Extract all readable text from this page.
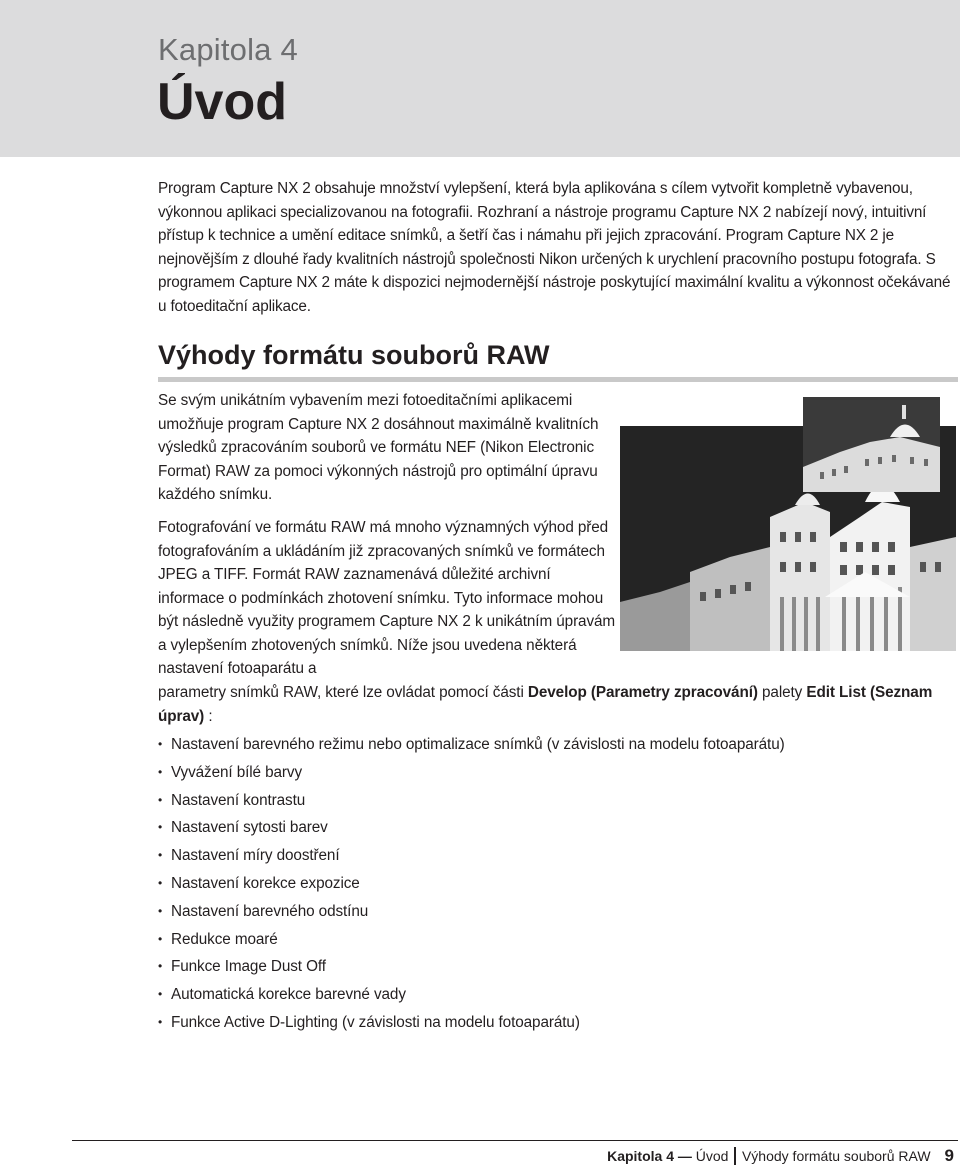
Kapitola 4
Úvod

Program Capture NX 2 obsahuje množství vylepšení, která byla aplikována s cílem vytvořit kompletně vybavenou, výkonnou aplikaci specializovanou na fotografii. Rozhraní a nástroje programu Capture NX 2 nabízejí nový, intuitivní přístup k technice a umění editace snímků, a šetří čas i námahu při jejich zpracování. Program Capture NX 2 je nejnovějším z dlouhé řady kvalitních nástrojů společnosti Nikon určených k urychlení pracovního postupu fotografa. S programem Capture NX 2 máte k dispozici nejmodernější nástroje poskytující maximální kvalitu a výkonnost očekávané u fotoeditační aplikace.

Výhody formátu souborů RAW

Se svým unikátním vybavením mezi fotoeditačními aplikacemi umožňuje program Capture NX 2 dosáhnout maximálně kvalitních výsledků zpracováním souborů ve formátu NEF (Nikon Electronic Format) RAW za pomoci výkonných nástrojů pro optimální úpravu každého snímku.

Fotografování ve formátu RAW má mnoho významných výhod před fotografováním a ukládáním již zpracovaných snímků ve formátech JPEG a TIFF. Formát RAW zaznamenává důležité archivní informace o podmínkách zhotovení snímku. Tyto informace mohou být následně využity programem Capture NX 2 k unikátním úpravám a vylepšením zhotovených snímků. Níže jsou uvedena některá nastavení fotoaparátu a

parametry snímků RAW, které lze ovládat pomocí části Develop (Parametry zpracování) palety Edit List (Seznam úprav) :

• Nastavení barevného režimu nebo optimalizace snímků (v závislosti na modelu fotoaparátu)
• Vyvážení bílé barvy
• Nastavení kontrastu
• Nastavení sytosti barev
• Nastavení míry doostření
• Nastavení korekce expozice
• Nastavení barevného odstínu
• Redukce moaré
• Funkce Image Dust Off
• Automatická korekce barevné vady
• Funkce Active D-Lighting (v závislosti na modelu fotoaparátu)
Kapitola 4
—
Úvod Výhody formátu souborů RAW 9
